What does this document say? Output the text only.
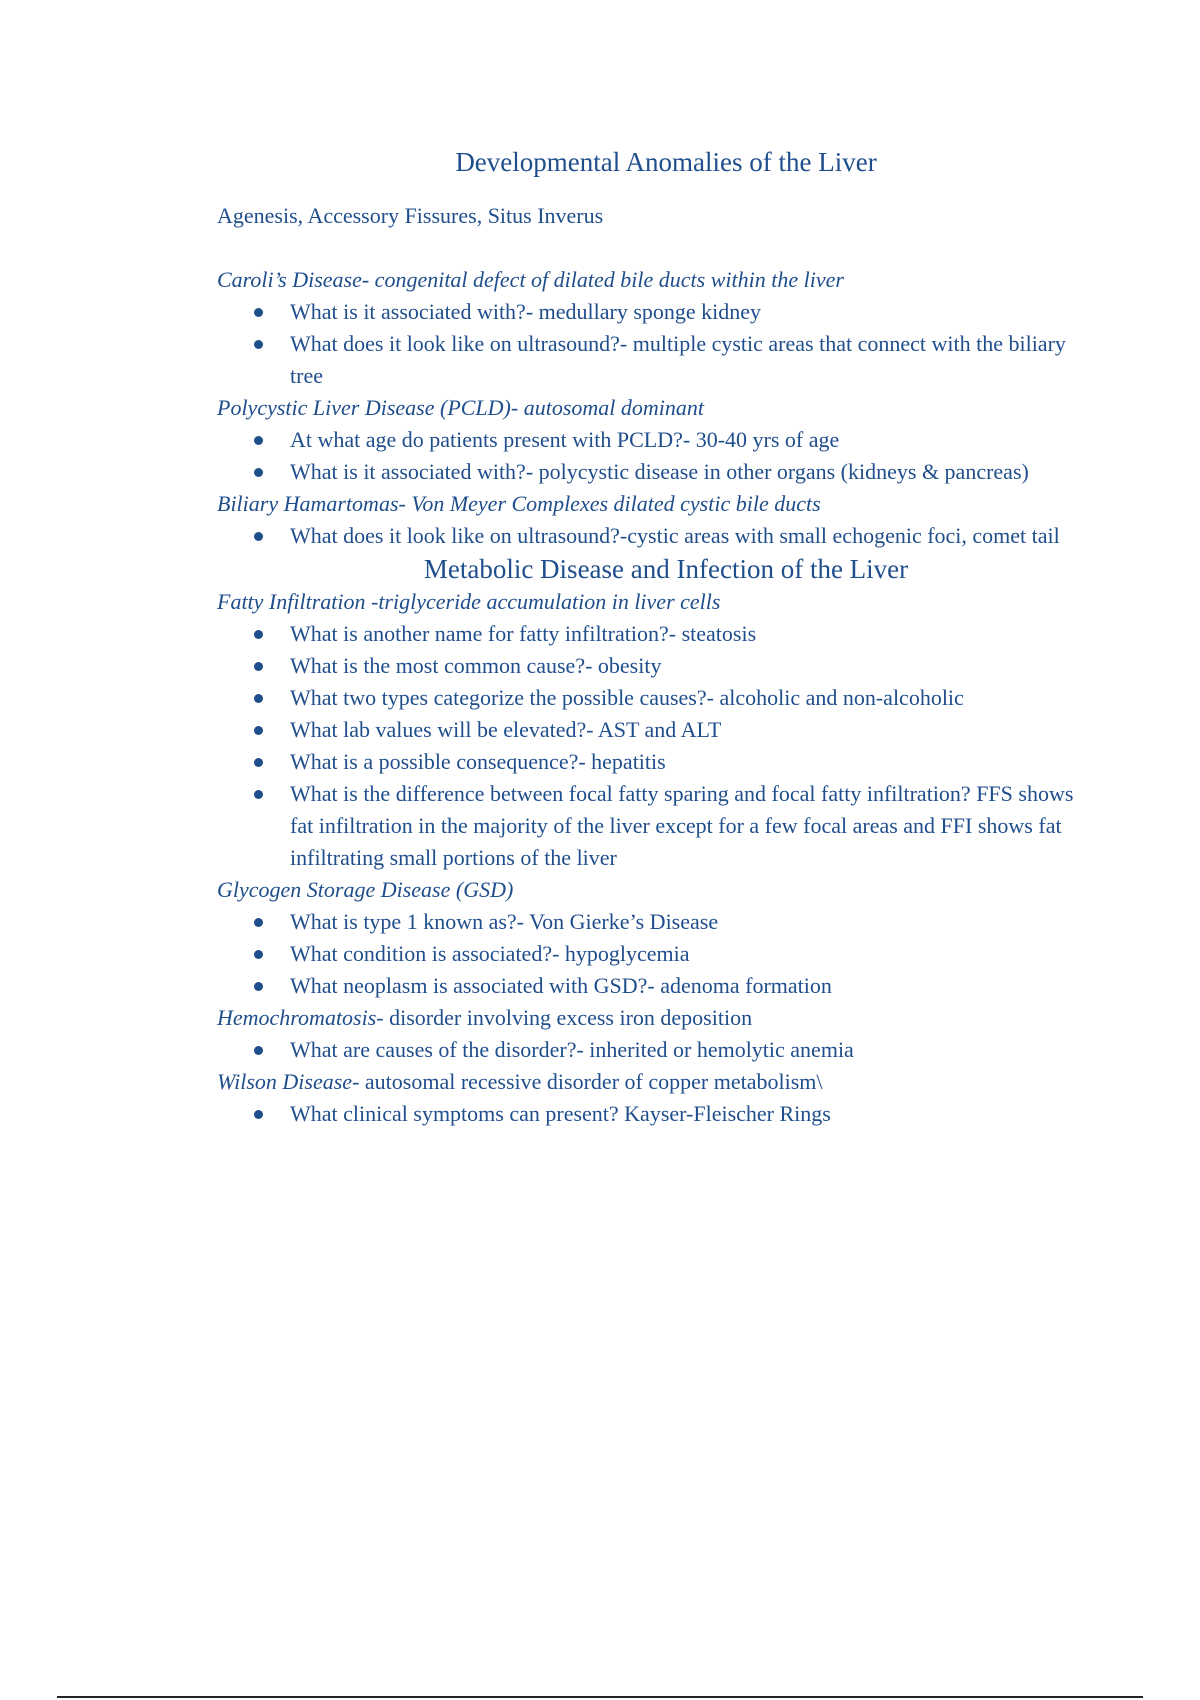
Developmental Anomalies of the Liver

Agenesis, Accessory Fissures, Situs Inverus

Caroli’s Disease- congenital defect of dilated bile ducts within the liver

What is it associated with?- medullary sponge kidney
What does it look like on ultrasound?- multiple cystic areas that connect with the biliary tree

Polycystic Liver Disease (PCLD)- autosomal dominant

At what age do patients present with PCLD?- 30-40 yrs of age
What is it associated with?- polycystic disease in other organs (kidneys & pancreas)

Biliary Hamartomas- Von Meyer Complexes dilated cystic bile ducts

What does it look like on ultrasound?-cystic areas with small echogenic foci, comet tail
Metabolic Disease and Infection of the Liver

Fatty Infiltration -triglyceride accumulation in liver cells

What is another name for fatty infiltration?- steatosis
What is the most common cause?- obesity
What two types categorize the possible causes?- alcoholic and non-alcoholic
What lab values will be elevated?- AST and ALT
What is a possible consequence?- hepatitis
What is the difference between focal fatty sparing and focal fatty infiltration? FFS shows fat infiltration in the majority of the liver except for a few focal areas and FFI shows fat infiltrating small portions of the liver

Glycogen Storage Disease (GSD)

What is type 1 known as?- Von Gierke’s Disease
What condition is associated?- hypoglycemia
What neoplasm is associated with GSD?- adenoma formation

Hemochromatosis- disorder involving excess iron deposition

What are causes of the disorder?- inherited or hemolytic anemia

Wilson Disease- autosomal recessive disorder of copper metabolism\

What clinical symptoms can present? Kayser-Fleischer Rings
